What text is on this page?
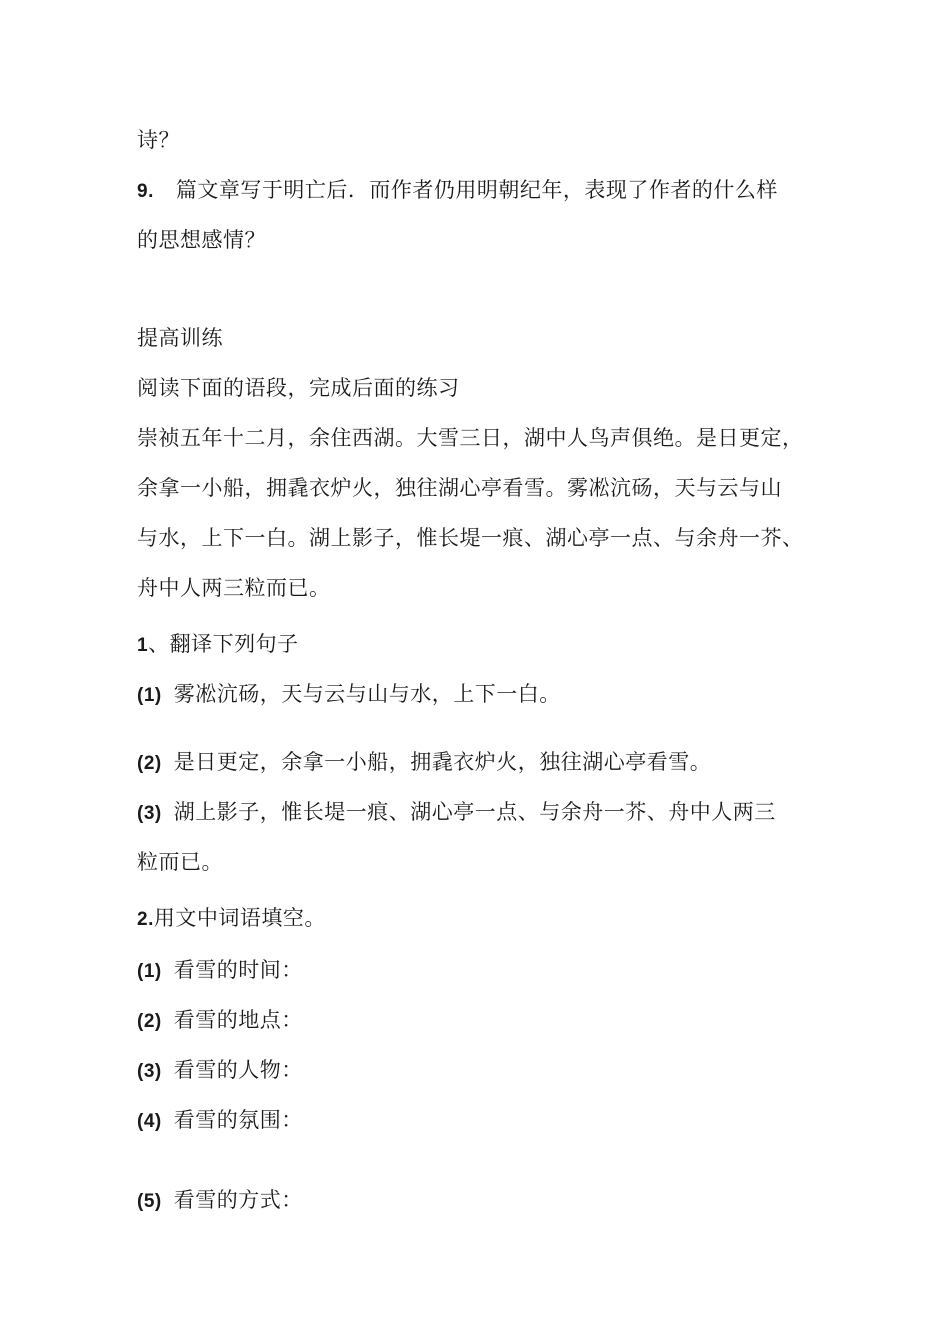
诗？
9. 篇文章写于明亡后．而作者仍用明朝纪年，表现了作者的什么样
的思想感情？
提高训练
阅读下面的语段，完成后面的练习
崇祯五年十二月，余住西湖。大雪三日，湖中人鸟声俱绝。是日更定，
余拿一小船，拥毳衣炉火，独往湖心亭看雪。雾凇沆砀，天与云与山
与水，上下一白。湖上影子，惟长堤一痕、湖心亭一点、与余舟一芥、
舟中人两三粒而已。
1、翻译下列句子
(1) 雾凇沆砀，天与云与山与水，上下一白。
(2) 是日更定，余拿一小船，拥毳衣炉火，独往湖心亭看雪。
(3) 湖上影子，惟长堤一痕、湖心亭一点、与余舟一芥、舟中人两三
粒而已。
2.用文中词语填空。
(1) 看雪的时间：
(2) 看雪的地点：
(3) 看雪的人物：
(4) 看雪的氛围：
(5) 看雪的方式：
